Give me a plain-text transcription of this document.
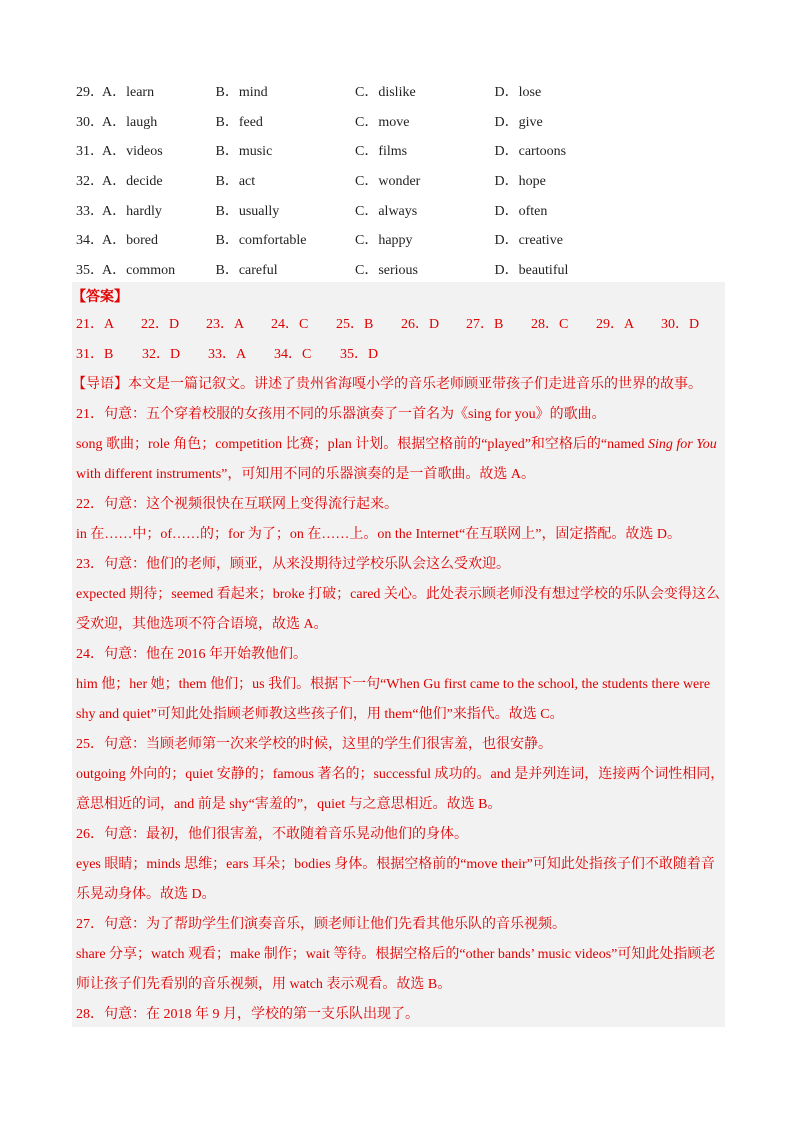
29．
A．learn	B．mind	C．dislike	D．lose
30．
A．laugh	B．feed	C．move	D．give
31．
A．videos	B．music	C．films	D．cartoons
32．
A．decide	B．act	C．wonder	D．hope
33．
A．hardly	B．usually	C．always	D．often
34．
A．bored	B．comfortable	C．happy	D．creative
35．
A．common	B．careful	C．serious	D．beautiful
【答案】
21．A	22．D	23．A	24．C	25．B	26．D	27．B	28．C	29．A	30．D
31．B	32．D	33．A	34．C	35．D
【导语】本文是一篇记叙文。讲述了贵州省海嘎小学的音乐老师顾亚带孩子们走进音乐的世界的故事。
21．句意：五个穿着校服的女孩用不同的乐器演奏了一首名为《sing for you》的歌曲。
song 歌曲；role 角色；competition 比赛；plan 计划。根据空格前的“played”和空格后的“named Sing for You with different instruments”，可知用不同的乐器演奏的是一首歌曲。故选 A。
22．句意：这个视频很快在互联网上变得流行起来。
in 在……中；of……的；for 为了；on 在……上。on the Internet“在互联网上”，固定搭配。故选 D。
23．句意：他们的老师，顾亚，从来没期待过学校乐队会这么受欢迎。
expected 期待；seemed 看起来；broke 打破；cared 关心。此处表示顾老师没有想过学校的乐队会变得这么受欢迎，其他选项不符合语境，故选 A。
24．句意：他在 2016 年开始教他们。
him 他；her 她；them 他们；us 我们。根据下一句“When Gu first came to the school, the students there were shy and quiet”可知此处指顾老师教这些孩子们，用 them“他们”来指代。故选 C。
25．句意：当顾老师第一次来学校的时候，这里的学生们很害羞，也很安静。
outgoing 外向的；quiet 安静的；famous 著名的；successful 成功的。and 是并列连词，连接两个词性相同，意思相近的词，and 前是 shy“害羞的”，quiet 与之意思相近。故选 B。
26．句意：最初，他们很害羞，不敢随着音乐晃动他们的身体。
eyes 眼睛；minds 思维；ears 耳朵；bodies 身体。根据空格前的“move their”可知此处指孩子们不敢随着音乐晃动身体。故选 D。
27．句意：为了帮助学生们演奏音乐，顾老师让他们先看其他乐队的音乐视频。
share 分享；watch 观看；make 制作；wait 等待。根据空格后的“other bands’ music videos”可知此处指顾老师让孩子们先看别的音乐视频，用 watch 表示观看。故选 B。
28．句意：在 2018 年 9 月，学校的第一支乐队出现了。
